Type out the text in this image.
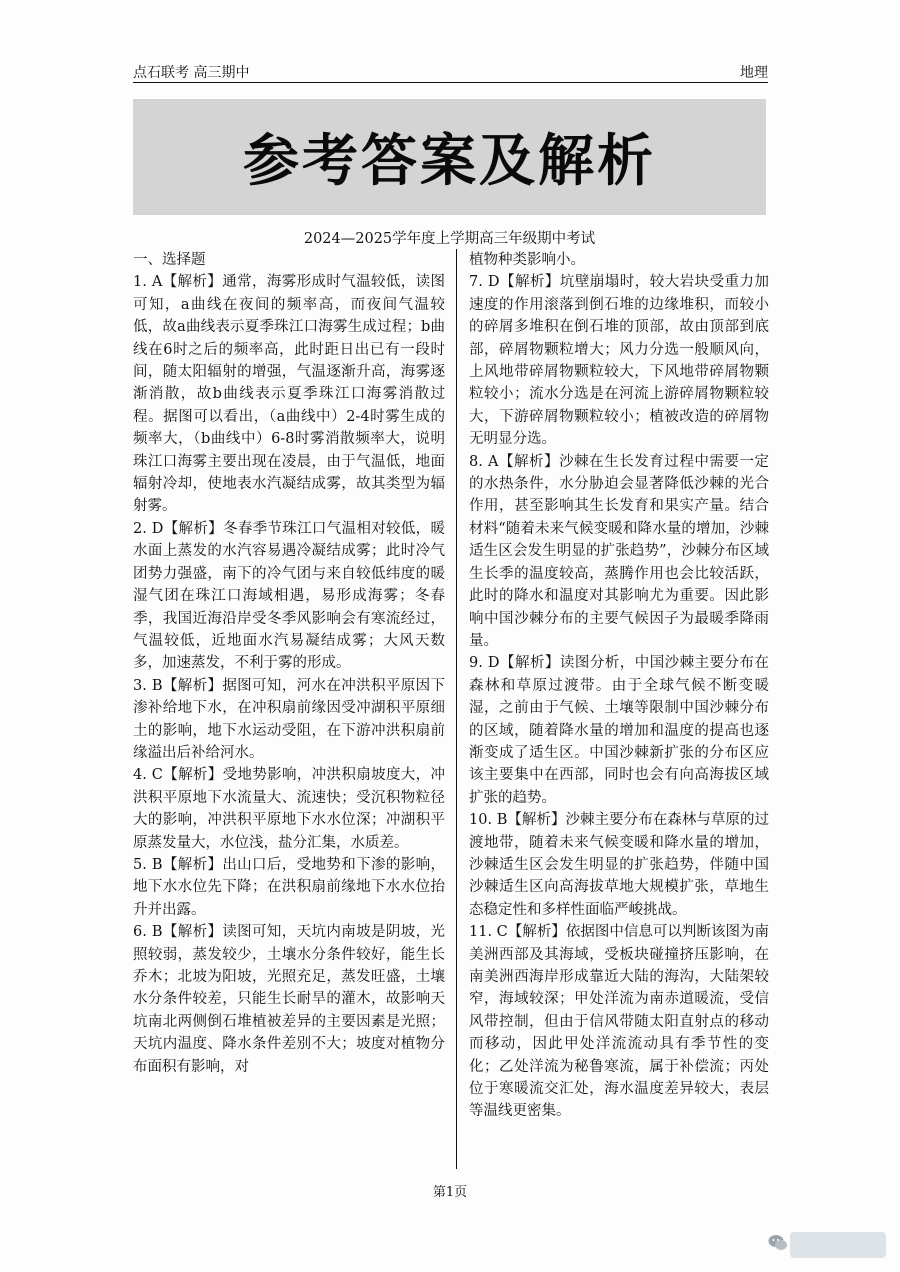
点石联考 高三期中	地理
参考答案及解析
2024—2025学年度上学期高三年级期中考试

一、选择题

1. A【解析】通常，海雾形成时气温较低，读图可知，a曲线在夜间的频率高，而夜间气温较低，故a曲线表示夏季珠江口海雾生成过程；b曲线在6时之后的频率高，此时距日出已有一段时间，随太阳辐射的增强，气温逐渐升高，海雾逐渐消散，故b曲线表示夏季珠江口海雾消散过程。据图可以看出，（a曲线中）2-4时雾生成的频率大，（b曲线中）6-8时雾消散频率大，说明珠江口海雾主要出现在凌晨，由于气温低，地面辐射冷却，使地表水汽凝结成雾，故其类型为辐射雾。

2. D【解析】冬春季节珠江口气温相对较低，暖水面上蒸发的水汽容易遇冷凝结成雾；此时冷气团势力强盛，南下的冷气团与来自较低纬度的暖湿气团在珠江口海域相遇，易形成海雾；冬春季，我国近海沿岸受冬季风影响会有寒流经过，气温较低，近地面水汽易凝结成雾；大风天数多，加速蒸发，不利于雾的形成。

3. B【解析】据图可知，河水在冲洪积平原因下渗补给地下水，在冲积扇前缘因受冲湖积平原细土的影响，地下水运动受阻，在下游冲洪积扇前缘溢出后补给河水。

4. C【解析】受地势影响，冲洪积扇坡度大，冲洪积平原地下水流量大、流速快；受沉积物粒径大的影响，冲洪积平原地下水水位深；冲湖积平原蒸发量大，水位浅，盐分汇集，水质差。

5. B【解析】出山口后，受地势和下渗的影响，地下水水位先下降；在洪积扇前缘地下水水位抬升并出露。

6. B【解析】读图可知，天坑内南坡是阴坡，光照较弱，蒸发较少，土壤水分条件较好，能生长乔木；北坡为阳坡，光照充足，蒸发旺盛，土壤水分条件较差，只能生长耐旱的灌木，故影响天坑南北两侧倒石堆植被差异的主要因素是光照；天坑内温度、降水条件差别不大；坡度对植物分布面积有影响，对

植物种类影响小。

7. D【解析】坑壁崩塌时，较大岩块受重力加速度的作用滚落到倒石堆的边缘堆积，而较小的碎屑多堆积在倒石堆的顶部，故由顶部到底部，碎屑物颗粒增大；风力分选一般顺风向，上风地带碎屑物颗粒较大，下风地带碎屑物颗粒较小；流水分选是在河流上游碎屑物颗粒较大，下游碎屑物颗粒较小；植被改造的碎屑物无明显分选。

8. A【解析】沙棘在生长发育过程中需要一定的水热条件，水分胁迫会显著降低沙棘的光合作用，甚至影响其生长发育和果实产量。结合材料“随着未来气候变暖和降水量的增加，沙棘适生区会发生明显的扩张趋势”，沙棘分布区域生长季的温度较高，蒸腾作用也会比较活跃，此时的降水和温度对其影响尤为重要。因此影响中国沙棘分布的主要气候因子为最暖季降雨量。

9. D【解析】读图分析，中国沙棘主要分布在森林和草原过渡带。由于全球气候不断变暖湿，之前由于气候、土壤等限制中国沙棘分布的区域，随着降水量的增加和温度的提高也逐渐变成了适生区。中国沙棘新扩张的分布区应该主要集中在西部，同时也会有向高海拔区域扩张的趋势。

10. B【解析】沙棘主要分布在森林与草原的过渡地带，随着未来气候变暖和降水量的增加，沙棘适生区会发生明显的扩张趋势，伴随中国沙棘适生区向高海拔草地大规模扩张，草地生态稳定性和多样性面临严峻挑战。

11. C【解析】依据图中信息可以判断该图为南美洲西部及其海域，受板块碰撞挤压影响，在南美洲西海岸形成靠近大陆的海沟，大陆架较窄，海域较深；甲处洋流为南赤道暖流，受信风带控制，但由于信风带随太阳直射点的移动而移动，因此甲处洋流流动具有季节性的变化；乙处洋流为秘鲁寒流，属于补偿流；丙处位于寒暖流交汇处，海水温度差异较大，表层等温线更密集。

第1页
